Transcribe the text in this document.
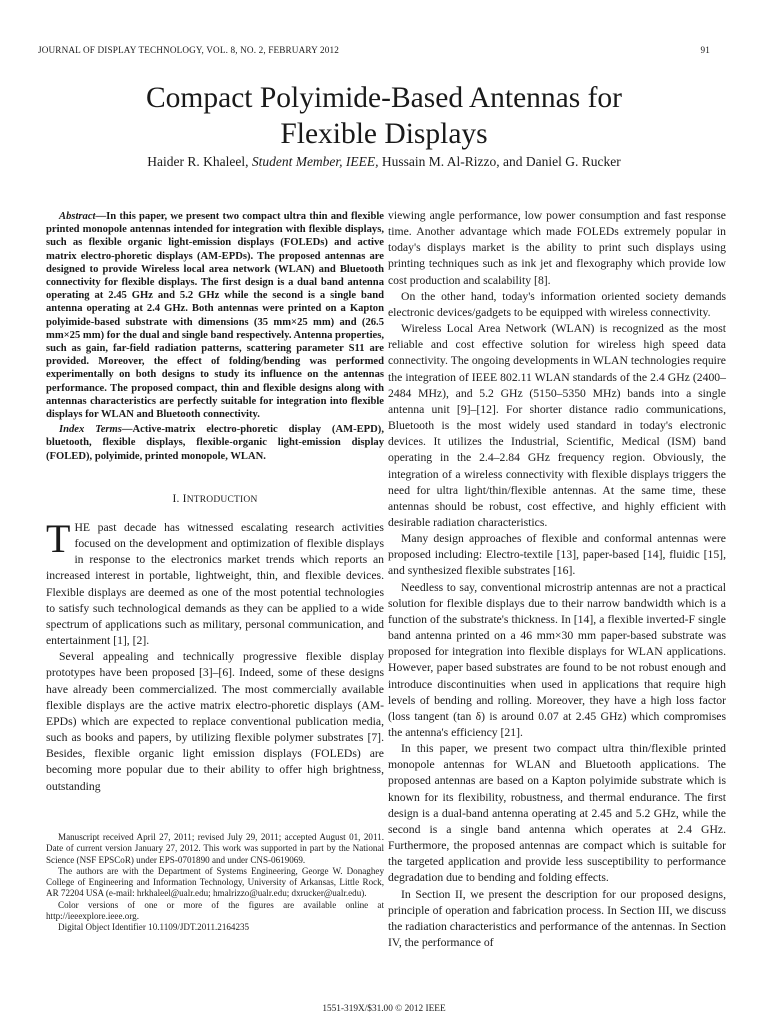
JOURNAL OF DISPLAY TECHNOLOGY, VOL. 8, NO. 2, FEBRUARY 2012	91
Compact Polyimide-Based Antennas for
Flexible Displays
Haider R. Khaleel, Student Member, IEEE, Hussain M. Al-Rizzo, and Daniel G. Rucker

Abstract—In this paper, we present two compact ultra thin and flexible printed monopole antennas intended for integration with flexible displays, such as flexible organic light-emission displays (FOLEDs) and active matrix electro-phoretic displays (AM-EPDs). The proposed antennas are designed to provide Wireless local area network (WLAN) and Bluetooth connectivity for flexible displays. The first design is a dual band antenna operating at 2.45 GHz and 5.2 GHz while the second is a single band antenna operating at 2.4 GHz. Both antennas were printed on a Kapton polyimide-based substrate with dimensions (35 mm×25 mm) and (26.5 mm×25 mm) for the dual and single band respectively. Antenna properties, such as gain, far-field radiation patterns, scattering parameter S11 are provided. Moreover, the effect of folding/bending was performed experimentally on both designs to study its influence on the antennas performance. The proposed compact, thin and flexible designs along with antennas characteristics are perfectly suitable for integration into flexible displays for WLAN and Bluetooth connectivity.

Index Terms—Active-matrix electro-phoretic display (AM-EPD), bluetooth, flexible displays, flexible-organic light-emission display (FOLED), polyimide, printed monopole, WLAN.

I. INTRODUCTION

THE past decade has witnessed escalating research activities focused on the development and optimization of flexible displays in response to the electronics market trends which reports an increased interest in portable, lightweight, thin, and flexible devices. Flexible displays are deemed as one of the most potential technologies to satisfy such technological demands as they can be applied to a wide spectrum of applications such as military, personal communication, and entertainment [1], [2].

Several appealing and technically progressive flexible display prototypes have been proposed [3]–[6]. Indeed, some of these designs have already been commercialized. The most commercially available flexible displays are the active matrix electro-phoretic displays (AM-EPDs) which are expected to replace conventional publication media, such as books and papers, by utilizing flexible polymer substrates [7]. Besides, flexible organic light emission displays (FOLEDs) are becoming more popular due to their ability to offer high brightness, outstanding

Manuscript received April 27, 2011; revised July 29, 2011; accepted August 01, 2011. Date of current version January 27, 2012. This work was supported in part by the National Science (NSF EPSCoR) under EPS-0701890 and under CNS-0619069.

The authors are with the Department of Systems Engineering, George W. Donaghey College of Engineering and Information Technology, University of Arkansas, Little Rock, AR 72204 USA (e-mail: hrkhaleel@ualr.edu; hmalrizzo@ualr.edu; dxrucker@ualr.edu).

Color versions of one or more of the figures are available online at http://ieeexplore.ieee.org.

Digital Object Identifier 10.1109/JDT.2011.2164235

viewing angle performance, low power consumption and fast response time. Another advantage which made FOLEDs extremely popular in today's displays market is the ability to print such displays using printing techniques such as ink jet and flexography which provide low cost production and scalability [8].

On the other hand, today's information oriented society demands electronic devices/gadgets to be equipped with wireless connectivity.

Wireless Local Area Network (WLAN) is recognized as the most reliable and cost effective solution for wireless high speed data connectivity. The ongoing developments in WLAN technologies require the integration of IEEE 802.11 WLAN standards of the 2.4 GHz (2400–2484 MHz), and 5.2 GHz (5150–5350 MHz) bands into a single antenna unit [9]–[12]. For shorter distance radio communications, Bluetooth is the most widely used standard in today's electronic devices. It utilizes the Industrial, Scientific, Medical (ISM) band operating in the 2.4–2.84 GHz frequency region. Obviously, the integration of a wireless connectivity with flexible displays triggers the need for ultra light/thin/flexible antennas. At the same time, these antennas should be robust, cost effective, and highly efficient with desirable radiation characteristics.

Many design approaches of flexible and conformal antennas were proposed including: Electro-textile [13], paper-based [14], fluidic [15], and synthesized flexible substrates [16].

Needless to say, conventional microstrip antennas are not a practical solution for flexible displays due to their narrow bandwidth which is a function of the substrate's thickness. In [14], a flexible inverted-F single band antenna printed on a 46 mm×30 mm paper-based substrate was proposed for integration into flexible displays for WLAN applications. However, paper based substrates are found to be not robust enough and introduce discontinuities when used in applications that require high levels of bending and rolling. Moreover, they have a high loss factor (loss tangent (tan δ) is around 0.07 at 2.45 GHz) which compromises the antenna's efficiency [21].

In this paper, we present two compact ultra thin/flexible printed monopole antennas for WLAN and Bluetooth applications. The proposed antennas are based on a Kapton polyimide substrate which is known for its flexibility, robustness, and thermal endurance. The first design is a dual-band antenna operating at 2.45 and 5.2 GHz, while the second is a single band antenna which operates at 2.4 GHz. Furthermore, the proposed antennas are compact which is suitable for the targeted application and provide less susceptibility to performance degradation due to bending and folding effects.

In Section II, we present the description for our proposed designs, principle of operation and fabrication process. In Section III, we discuss the radiation characteristics and performance of the antennas. In Section IV, the performance of

1551-319X/$31.00 © 2012 IEEE
